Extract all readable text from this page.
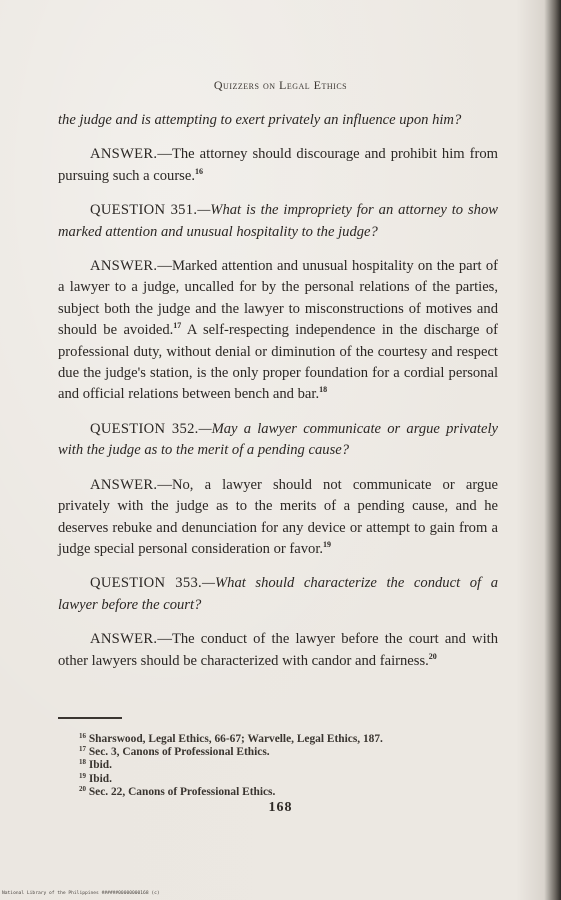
Quizzers on Legal Ethics

the judge and is attempting to exert privately an influence upon him?

ANSWER.—The attorney should discourage and prohibit him from pursuing such a course.$^{16}$

QUESTION 351.—What is the impropriety for an attorney to show marked attention and unusual hospitality to the judge?

ANSWER.—Marked attention and unusual hospitality on the part of a lawyer to a judge, uncalled for by the personal relations of the parties, subject both the judge and the lawyer to misconstructions of motives and should be avoided.$^{17}$ A self-respecting independence in the discharge of professional duty, without denial or diminution of the courtesy and respect due the judge's station, is the only proper foundation for a cordial personal and official relations between bench and bar.$^{18}$

QUESTION 352.—May a lawyer communicate or argue privately with the judge as to the merit of a pending cause?

ANSWER.—No, a lawyer should not communicate or argue privately with the judge as to the merits of a pending cause, and he deserves rebuke and denunciation for any device or attempt to gain from a judge special personal consideration or favor.$^{19}$

QUESTION 353.—What should characterize the conduct of a lawyer before the court?

ANSWER.—The conduct of the lawyer before the court and with other lawyers should be characterized with candor and fairness.$^{20}$

$^{16}$ Sharswood, Legal Ethics, 66-67; Warvelle, Legal Ethics, 187.
$^{17}$ Sec. 3, Canons of Professional Ethics.
$^{18}$ Ibid.
$^{19}$ Ibid.
$^{20}$ Sec. 22, Canons of Professional Ethics.
168
National Library of the Philippines ######00000000168 (c)
